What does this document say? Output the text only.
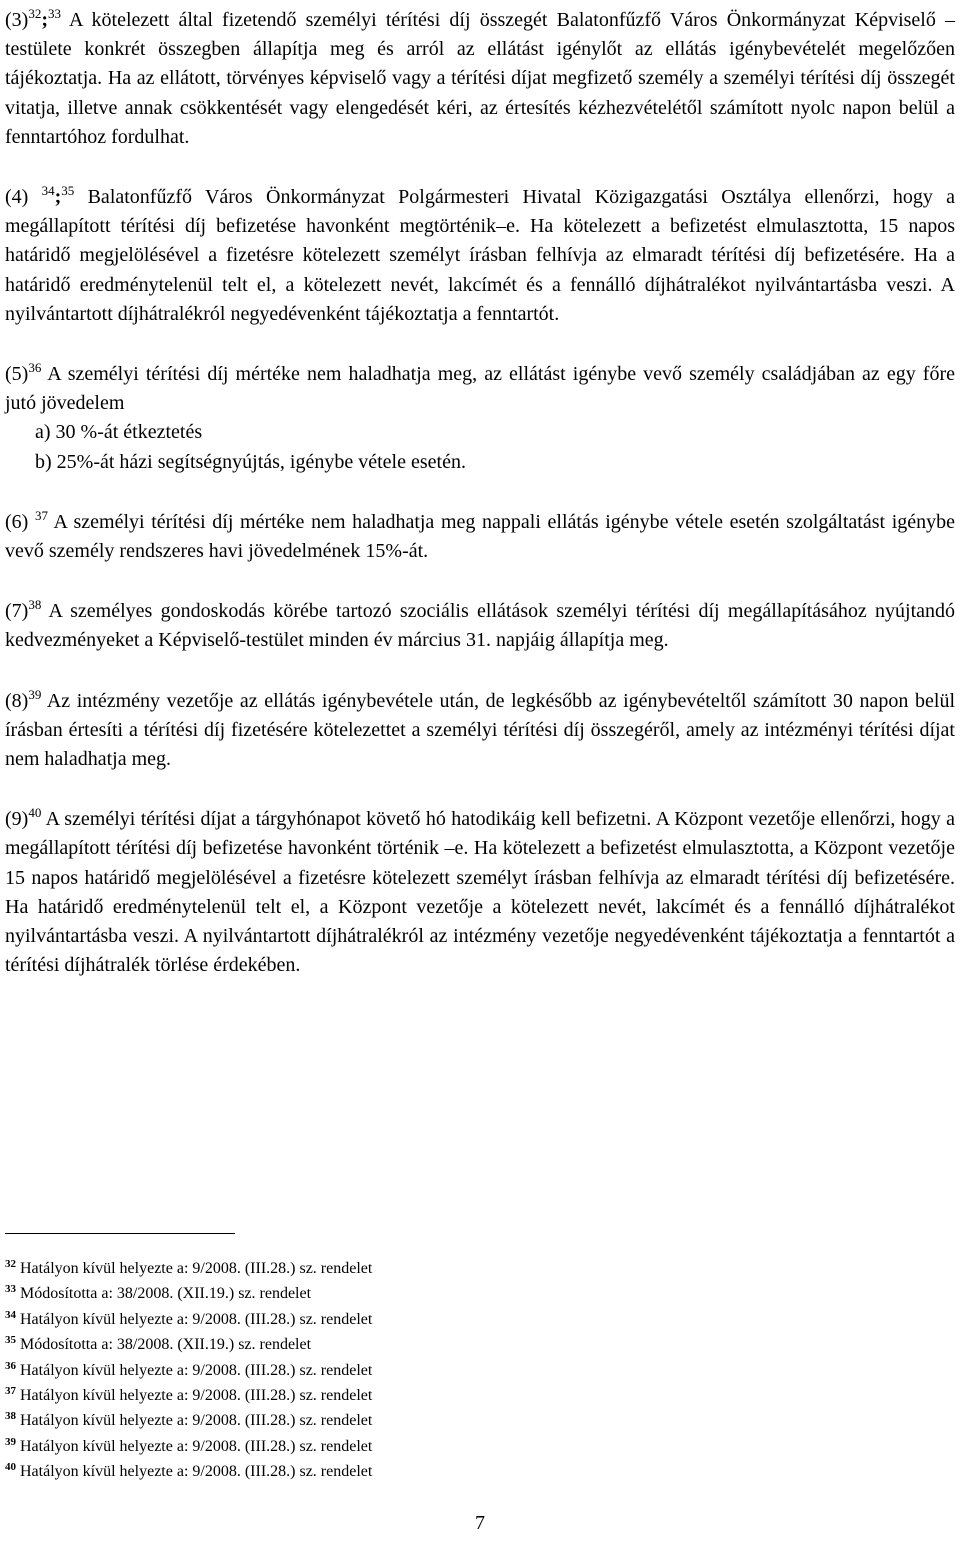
$(3)^{32};^{33}$ A kötelezett által fizetendő személyi térítési díj összegét Balatonfűzfő Város Önkormányzat Képviselő – testülete konkrét összegben állapítja meg és arról az ellátást igénylőt az ellátás igénybevételét megelőzően tájékoztatja. Ha az ellátott, törvényes képviselő vagy a térítési díjat megfizető személy a személyi térítési díj összegét vitatja, illetve annak csökkentését vagy elengedését kéri, az értesítés kézhezvételétől számított nyolc napon belül a fenntartóhoz fordulhat.

(4) $^{34}$;$^{35}$ Balatonfűzfő Város Önkormányzat Polgármesteri Hivatal Közigazgatási Osztálya ellenőrzi, hogy a megállapított térítési díj befizetése havonként megtörténik–e. Ha kötelezett a befizetést elmulasztotta, 15 napos határidő megjelölésével a fizetésre kötelezett személyt írásban felhívja az elmaradt térítési díj befizetésére. Ha a határidő eredménytelenül telt el, a kötelezett nevét, lakcímét és a fennálló díjhátralékot nyilvántartásba veszi. A nyilvántartott díjhátralékról negyedévenként tájékoztatja a fenntartót.

$(5)^{36}$ A személyi térítési díj mértéke nem haladhatja meg, az ellátást igénybe vevő személy családjában az egy főre jutó jövedelem

a) 30 %-át étkeztetés

b) 25%-át házi segítségnyújtás, igénybe vétele esetén.

(6) $^{37}$ A személyi térítési díj mértéke nem haladhatja meg nappali ellátás igénybe vétele esetén szolgáltatást igénybe vevő személy rendszeres havi jövedelmének 15%-át.

$(7)^{38}$ A személyes gondoskodás körébe tartozó szociális ellátások személyi térítési díj megállapításához nyújtandó kedvezményeket a Képviselő-testület minden év március 31. napjáig állapítja meg.

$(8)^{39}$ Az intézmény vezetője az ellátás igénybevétele után, de legkésőbb az igénybevételtől számított 30 napon belül írásban értesíti a térítési díj fizetésére kötelezettet a személyi térítési díj összegéről, amely az intézményi térítési díjat nem haladhatja meg.

$(9)^{40}$ A személyi térítési díjat a tárgyhónapot követő hó hatodikáig kell befizetni. A Központ vezetője ellenőrzi, hogy a megállapított térítési díj befizetése havonként történik –e. Ha kötelezett a befizetést elmulasztotta, a Központ vezetője 15 napos határidő megjelölésével a fizetésre kötelezett személyt írásban felhívja az elmaradt térítési díj befizetésére. Ha határidő eredménytelenül telt el, a Központ vezetője a kötelezett nevét, lakcímét és a fennálló díjhátralékot nyilvántartásba veszi. A nyilvántartott díjhátralékról az intézmény vezetője negyedévenként tájékoztatja a fenntartót a térítési díjhátralék törlése érdekében.

$^{32}$ Hatályon kívül helyezte a: 9/2008. (III.28.) sz. rendelet
$^{33}$ Módosította a: 38/2008. (XII.19.) sz. rendelet
$^{34}$ Hatályon kívül helyezte a: 9/2008. (III.28.) sz. rendelet
$^{35}$ Módosította a: 38/2008. (XII.19.) sz. rendelet
$^{36}$ Hatályon kívül helyezte a: 9/2008. (III.28.) sz. rendelet
$^{37}$ Hatályon kívül helyezte a: 9/2008. (III.28.) sz. rendelet
$^{38}$ Hatályon kívül helyezte a: 9/2008. (III.28.) sz. rendelet
$^{39}$ Hatályon kívül helyezte a: 9/2008. (III.28.) sz. rendelet
$^{40}$ Hatályon kívül helyezte a: 9/2008. (III.28.) sz. rendelet
7
